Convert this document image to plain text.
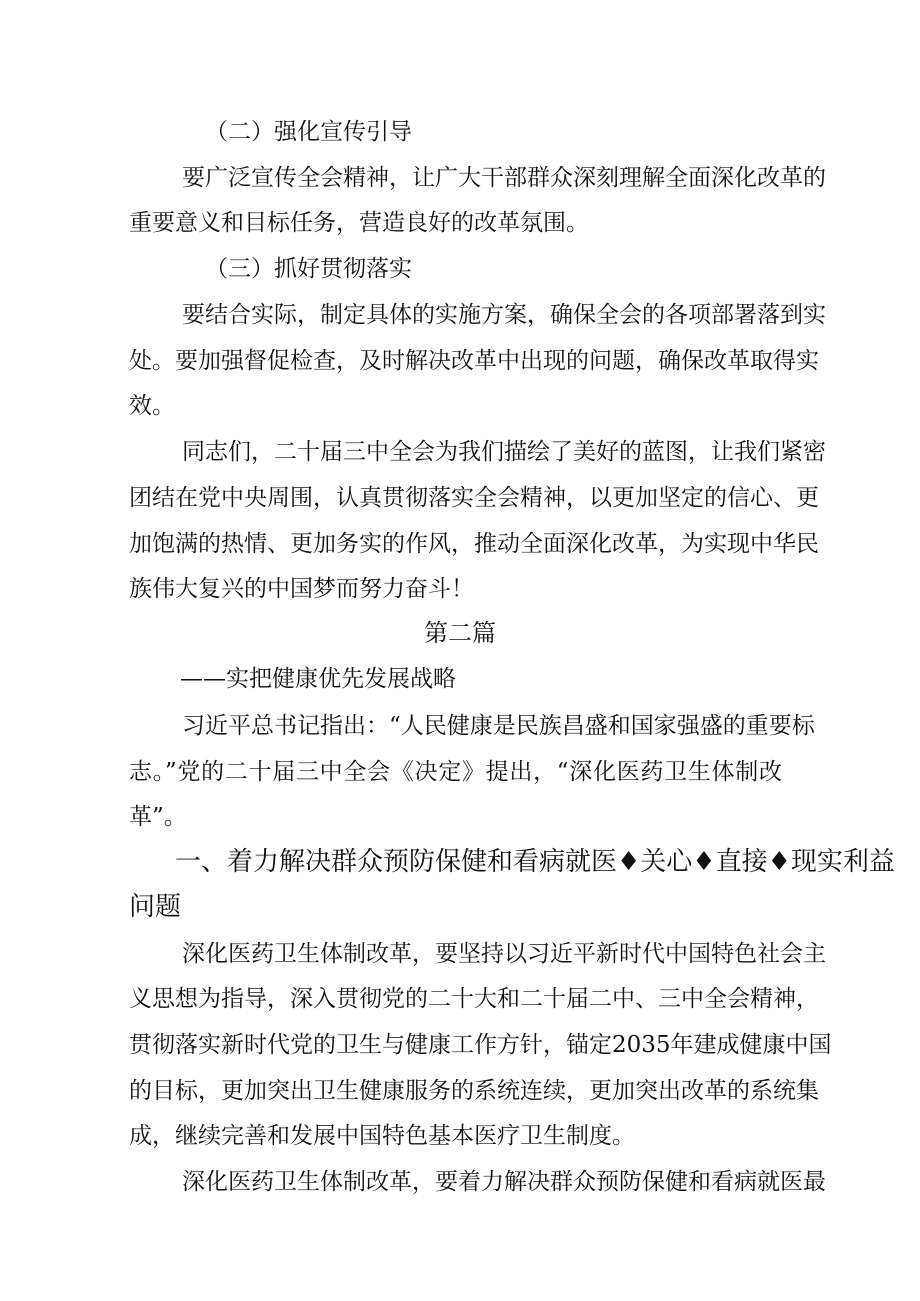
（二）强化宣传引导
要广泛宣传全会精神，让广大干部群众深刻理解全面深化改革的
重要意义和目标任务，营造良好的改革氛围。
（三）抓好贯彻落实
要结合实际，制定具体的实施方案，确保全会的各项部署落到实
处。要加强督促检查，及时解决改革中出现的问题，确保改革取得实
效。
同志们，二十届三中全会为我们描绘了美好的蓝图，让我们紧密
团结在党中央周围，认真贯彻落实全会精神，以更加坚定的信心、更
加饱满的热情、更加务实的作风，推动全面深化改革，为实现中华民
族伟大复兴的中国梦而努力奋斗！
第二篇
——实把健康优先发展战略
习近平总书记指出：“人民健康是民族昌盛和国家强盛的重要标
志。”党的二十届三中全会《决定》提出，“深化医药卫生体制改
革”。
一、着力解决群众预防保健和看病就医♦关心♦直接♦现实利益
问题
深化医药卫生体制改革，要坚持以习近平新时代中国特色社会主
义思想为指导，深入贯彻党的二十大和二十届二中、三中全会精神，
贯彻落实新时代党的卫生与健康工作方针，锚定2035年建成健康中国
的目标，更加突出卫生健康服务的系统连续，更加突出改革的系统集
成，继续完善和发展中国特色基本医疗卫生制度。
深化医药卫生体制改革，要着力解决群众预防保健和看病就医最
